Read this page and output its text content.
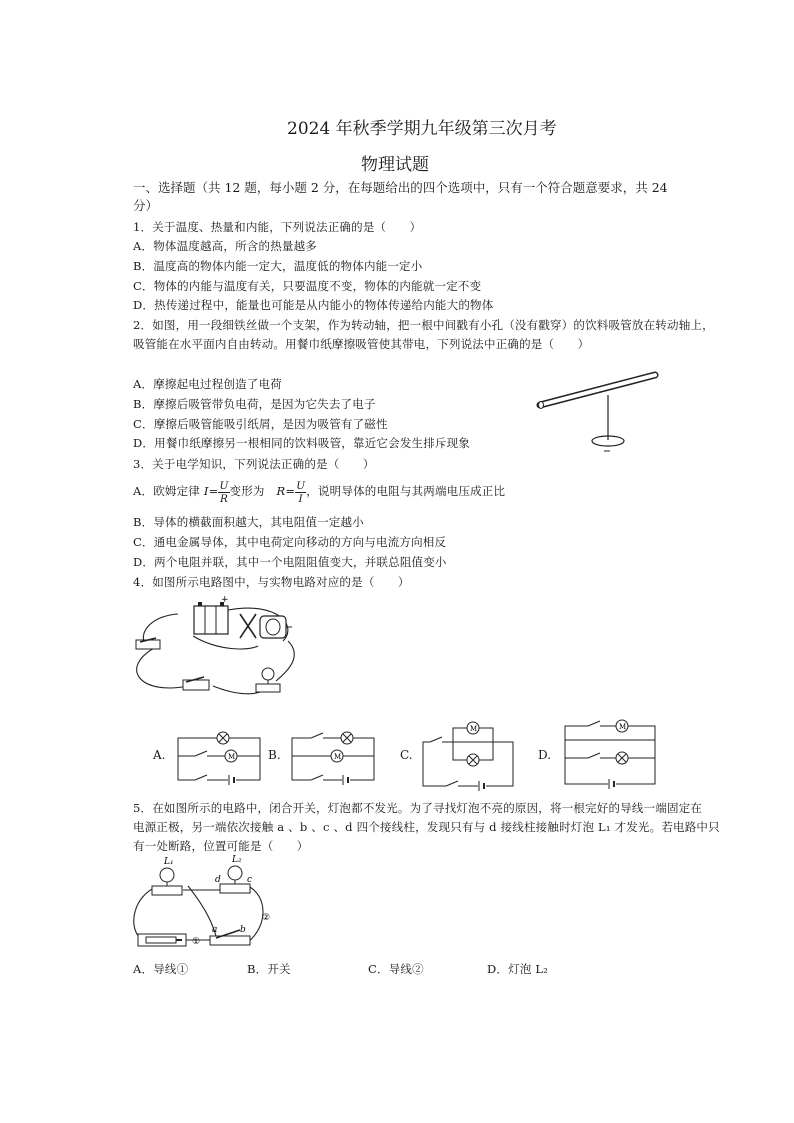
2024 年秋季学期九年级第三次月考
物理试题
一、选择题（共 12 题，每小题 2 分，在每题给出的四个选项中，只有一个符合题意要求，共 24
分）
1．关于温度、热量和内能，下列说法正确的是（　　）
A．物体温度越高，所含的热量越多
B．温度高的物体内能一定大，温度低的物体内能一定小
C．物体的内能与温度有关，只要温度不变，物体的内能就一定不变
D．热传递过程中，能量也可能是从内能小的物体传递给内能大的物体
2．如图，用一段细铁丝做一个支架，作为转动轴，把一根中间戳有小孔（没有戳穿）的饮料吸管放在转动轴上，
吸管能在水平面内自由转动。用餐巾纸摩擦吸管使其带电，下列说法中正确的是（　　）
A．摩擦起电过程创造了电荷
B．摩擦后吸管带负电荷，是因为它失去了电子
C．摩擦后吸管能吸引纸屑，是因为吸管有了磁性
D．用餐巾纸摩擦另一根相同的饮料吸管，靠近它会发生排斥现象
3．关于电学知识，下列说法正确的是（　　）
A．欧姆定律 $I= \frac{U}{R}$ 变形为 $R= \frac{U}{I}$ ，说明导体的电阻与其两端电压成正比
B．导体的横截面积越大，其电阻值一定越小
C．通电金属导体，其中电荷定向移动的方向与电流方向相反
D．两个电阻并联，其中一个电阻阻值变大，并联总阻值变小
4．如图所示电路图中，与实物电路对应的是（　　）
+
A.	M	B.	M	C.
M
D.
M
5．在如图所示的电路中，闭合开关，灯泡都不发光。为了寻找灯泡不亮的原因，将一根完好的导线一端固定在
电源正极，另一端依次接触 a 、b 、c 、d 四个接线柱，发现只有与 d 接线柱接触时灯泡 L₁ 才发光。若电路中只
有一处断路，位置可能是（　　）
L₁	L₂
d	c
②
①
a	b
A．导线①	B．开关	C．导线②	D．灯泡 L₂
